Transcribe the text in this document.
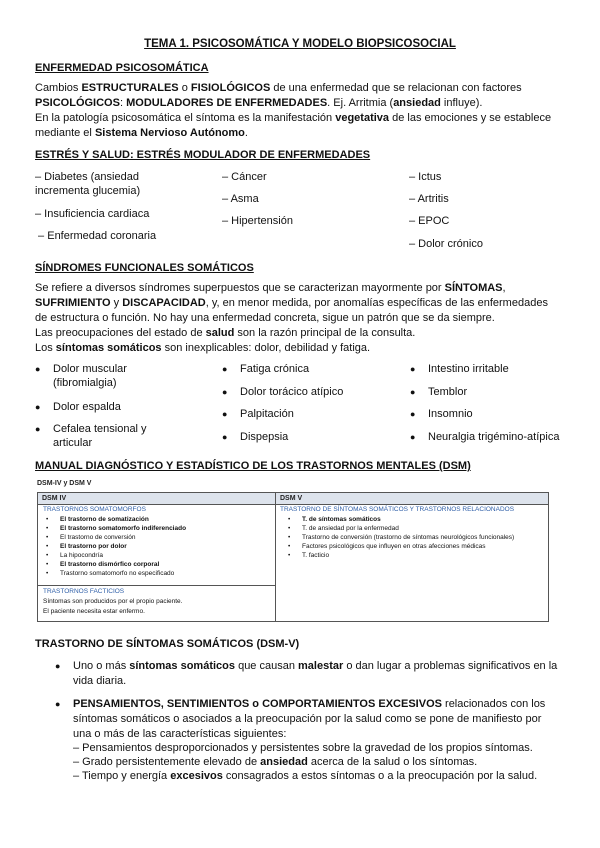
TEMA 1. PSICOSOMÁTICA Y MODELO BIOPSICOSOCIAL
ENFERMEDAD PSICOSOMÁTICA
Cambios ESTRUCTURALES o FISIOLÓGICOS de una enfermedad que se relacionan con factores
PSICOLÓGICOS: MODULADORES DE ENFERMEDADES. Ej. Arritmia (ansiedad influye).
En la patología psicosomática el síntoma es la manifestación vegetativa de las emociones y se establece
mediante el Sistema Nervioso Autónomo.
ESTRÉS Y SALUD: ESTRÉS MODULADOR DE ENFERMEDADES
– Diabetes (ansiedad
incrementa glucemia)
– Insuficiencia cardiaca
– Enfermedad coronaria
– Cáncer
– Asma
– Hipertensión
– Ictus
– Artritis
– EPOC
– Dolor crónico
SÍNDROMES FUNCIONALES SOMÁTICOS
Se refiere a diversos síndromes superpuestos que se caracterizan mayormente por SÍNTOMAS,
SUFRIMIENTO y DISCAPACIDAD, y, en menor medida, por anomalías específicas de las enfermedades
de estructura o función. No hay una enfermedad concreta, sigue un patrón que se da siempre.
Las preocupaciones del estado de salud son la razón principal de la consulta.
Los síntomas somáticos son inexplicables: dolor, debilidad y fatiga.
● Dolor muscular
(fibromialgia)
● Dolor espalda
● Cefalea tensional y
articular
● Fatiga crónica
● Dolor torácico atípico
● Palpitación
● Dispepsia
● Intestino irritable
● Temblor
● Insomnio
● Neuralgia trigémino-atípica
MANUAL DIAGNÓSTICO Y ESTADÍSTICO DE LOS TRASTORNOS MENTALES (DSM)
DSM-IV y DSM V
DSM IV	DSM V
TRASTORNOS SOMATOMORFOS
• El trastorno de somatización
• El trastorno somatomorfo indiferenciado
• El trastorno de conversión
• El trastorno por dolor
• La hipocondría
• El trastorno dismórfico corporal
• Trastorno somatomorfo no especificado
TRASTORNOS FACTICIOS
Síntomas son producidos por el propio paciente.
El paciente necesita estar enfermo.
TRASTORNO DE SÍNTOMAS SOMÁTICOS Y TRASTORNOS RELACIONADOS
• T. de síntomas somáticos
• T. de ansiedad por la enfermedad
• Trastorno de conversión (trastorno de síntomas neurológicos funcionales)
• Factores psicológicos que influyen en otras afecciones médicas
• T. facticio
TRASTORNO DE SÍNTOMAS SOMÁTICOS (DSM-V)
● Uno o más síntomas somáticos que causan malestar o dan lugar a problemas significativos en la
vida diaria.
● PENSAMIENTOS, SENTIMIENTOS o COMPORTAMIENTOS EXCESIVOS relacionados con los
síntomas somáticos o asociados a la preocupación por la salud como se pone de manifiesto por
una o más de las características siguientes:
– Pensamientos desproporcionados y persistentes sobre la gravedad de los propios síntomas.
– Grado persistentemente elevado de ansiedad acerca de la salud o los síntomas.
– Tiempo y energía excesivos consagrados a estos síntomas o a la preocupación por la salud.
